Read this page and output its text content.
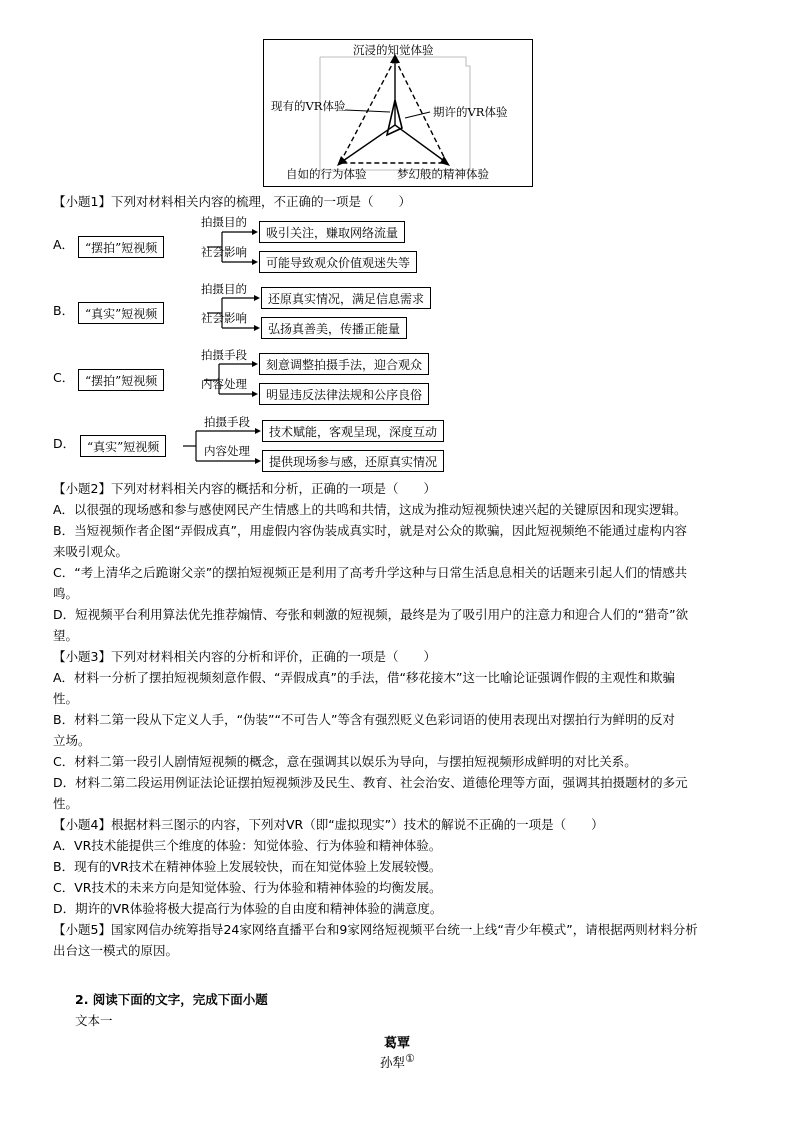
沉浸的知觉体验
现有的VR体验	期许的VR体验
自如的行为体验	梦幻般的精神体验
【小题1】下列对材料相关内容的梳理，不正确的一项是（　　）
A． “摆拍”短视频
拍摄目的
社会影响
吸引关注，赚取网络流量
可能导致观众价值观迷失等
B． “真实”短视频
拍摄目的
社会影响
还原真实情况，满足信息需求
弘扬真善美，传播正能量
C． “摆拍”短视频
拍摄手段
内容处理
刻意调整拍摄手法，迎合观众
明显违反法律法规和公序良俗
D． “真实”短视频
拍摄手段
内容处理
技术赋能，客观呈现，深度互动
提供现场参与感，还原真实情况
【小题2】下列对材料相关内容的概括和分析，正确的一项是（　　）
A．以很强的现场感和参与感使网民产生情感上的共鸣和共情，这成为推动短视频快速兴起的关键原因和现实逻辑。
B．当短视频作者企图“弄假成真”，用虚假内容伪装成真实时，就是对公众的欺骗，因此短视频绝不能通过虚构内容
来吸引观众。
C．“考上清华之后跪谢父亲”的摆拍短视频正是利用了高考升学这种与日常生活息息相关的话题来引起人们的情感共
鸣。
D．短视频平台利用算法优先推荐煽情、夸张和刺激的短视频，最终是为了吸引用户的注意力和迎合人们的“猎奇”欲
望。
【小题3】下列对材料相关内容的分析和评价，正确的一项是（　　）
A．材料一分析了摆拍短视频刻意作假、“弄假成真”的手法，借“移花接木”这一比喻论证强调作假的主观性和欺骗
性。
B．材料二第一段从下定义人手，“伪装”“不可告人”等含有强烈贬义色彩词语的使用表现出对摆拍行为鲜明的反对
立场。
C．材料二第一段引人剧情短视频的概念，意在强调其以娱乐为导向，与摆拍短视频形成鲜明的对比关系。
D．材料二第二段运用例证法论证摆拍短视频涉及民生、教育、社会治安、道德伦理等方面，强调其拍摄题材的多元
性。
【小题4】根据材料三图示的内容，下列对VR（即“虚拟现实”）技术的解说不正确的一项是（　　）
A．VR技术能提供三个维度的体验：知觉体验、行为体验和精神体验。
B．现有的VR技术在精神体验上发展较快，而在知觉体验上发展较慢。
C．VR技术的未来方向是知觉体验、行为体验和精神体验的均衡发展。
D．期许的VR体验将极大提高行为体验的自由度和精神体验的满意度。
【小题5】国家网信办统筹指导24家网络直播平台和9家网络短视频平台统一上线“青少年模式”，请根据两则材料分析
出台这一模式的原因。
2. 阅读下面的文字，完成下面小题
文本一
葛覃
孙犁①
